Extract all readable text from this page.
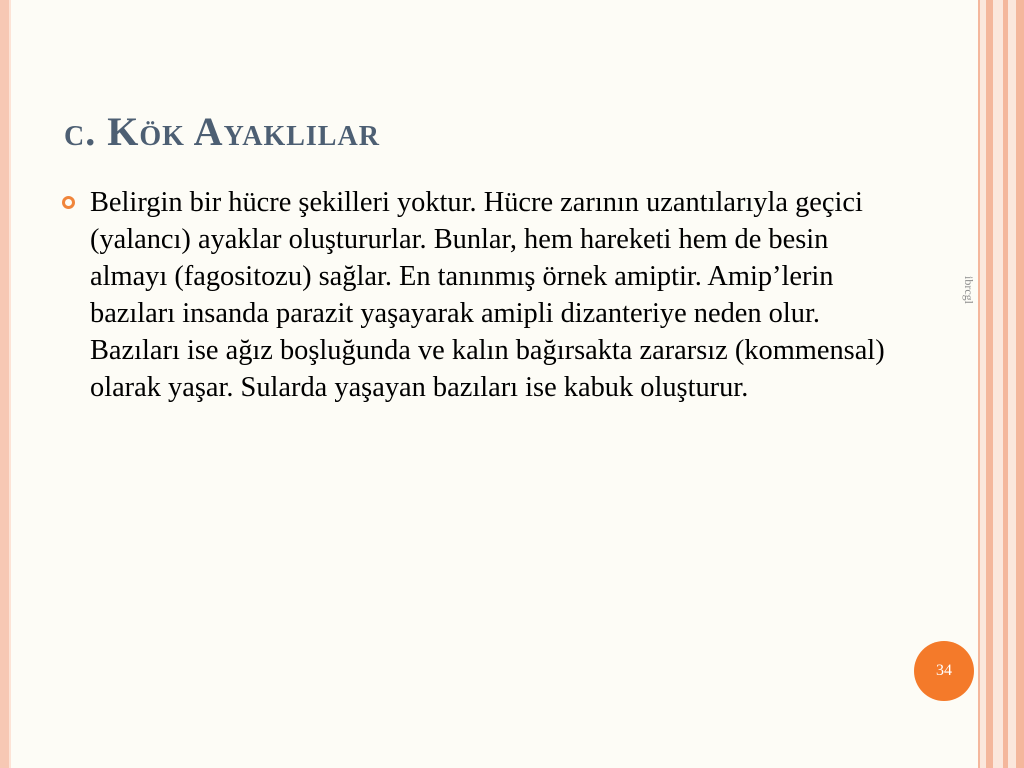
c. Kök Ayaklılar
Belirgin bir hücre şekilleri yoktur. Hücre zarının uzantılarıyla geçici (yalancı) ayaklar oluştururlar. Bunlar, hem hareketi hem de besin almayı (fagositozu) sağlar. En tanınmış örnek amiptir. Amip’lerin bazıları insanda parazit yaşayarak amipli dizanteriye neden olur. Bazıları ise ağız boşluğunda ve kalın bağırsakta zararsız (kommensal) olarak yaşar. Sularda yaşayan bazıları ise kabuk oluşturur.
ibrcgl
34
